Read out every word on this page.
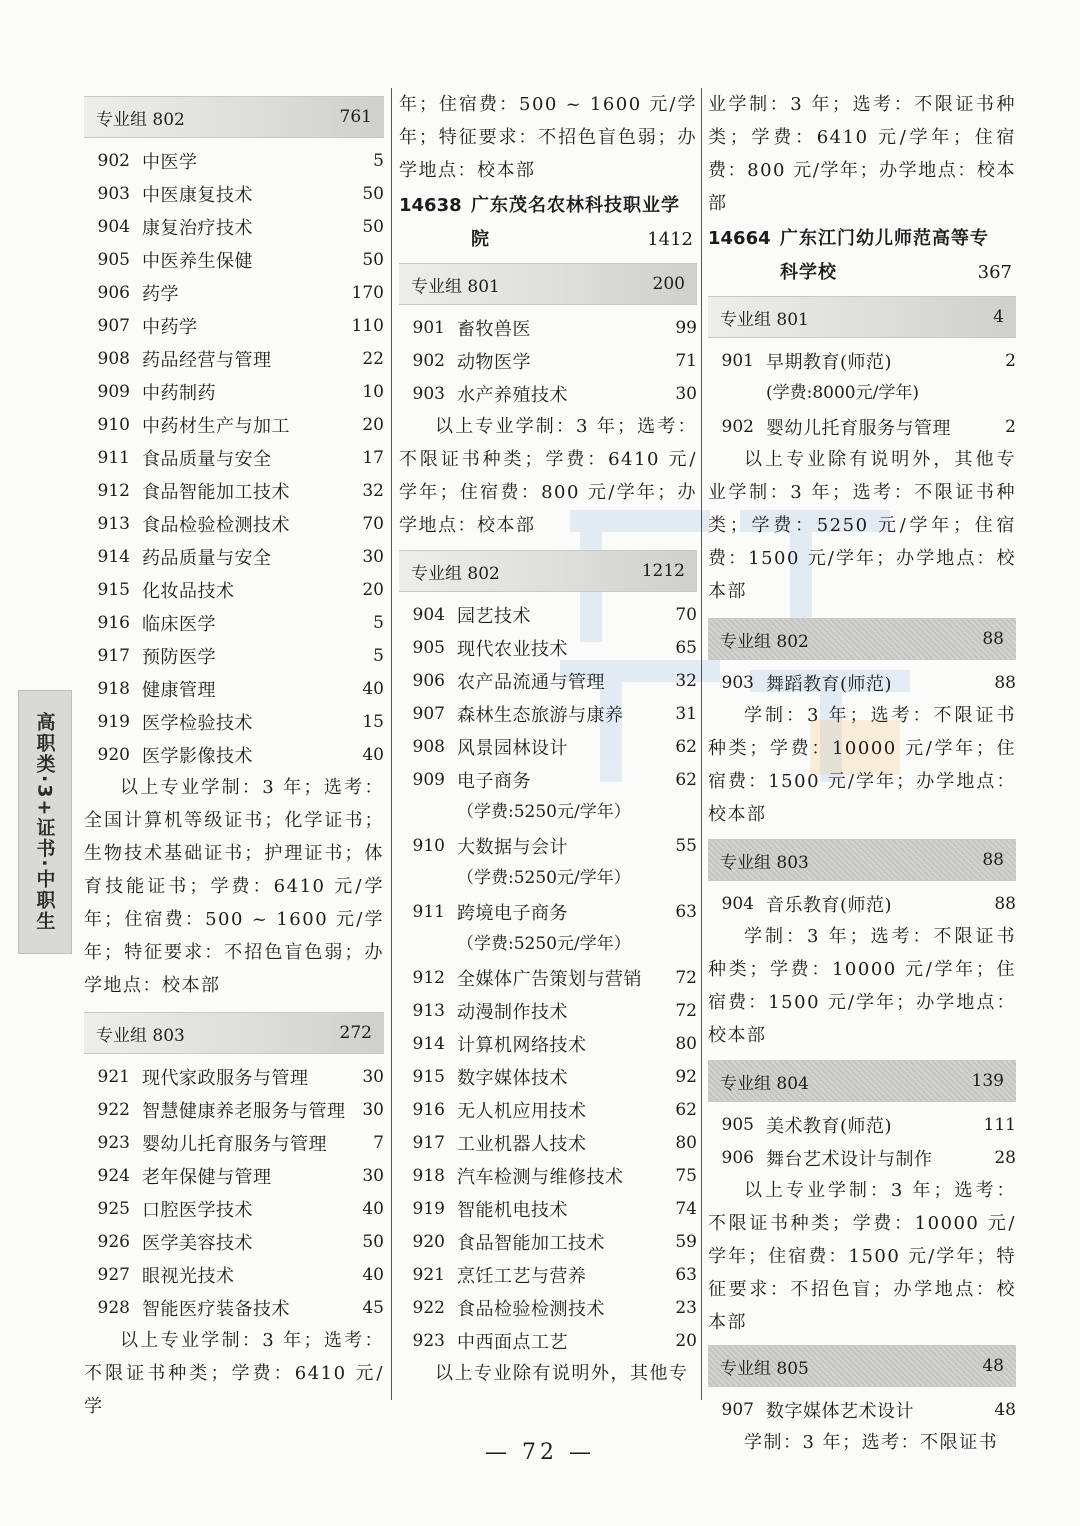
高职类·3+证书·中职生
专业组 802	761
902 中医学	5
903 中医康复技术	50
904 康复治疗技术	50
905 中医养生保健	50
906 药学	170
907 中药学	110
908 药品经营与管理	22
909 中药制药	10
910 中药材生产与加工	20
911 食品质量与安全	17
912 食品智能加工技术	32
913 食品检验检测技术	70
914 药品质量与安全	30
915 化妆品技术	20
916 临床医学	5
917 预防医学	5
918 健康管理	40
919 医学检验技术	15
920 医学影像技术	40

以上专业学制：3 年；选考：全国计算机等级证书；化学证书；生物技术基础证书；护理证书；体育技能证书；学费：6410 元/学年；住宿费：500 ~ 1600 元/学年；特征要求：不招色盲色弱；办学地点：校本部

专业组 803	272
921 现代家政服务与管理	30
922 智慧健康养老服务与管理 30
923 婴幼儿托育服务与管理	7
924 老年保健与管理	30
925 口腔医学技术	40
926 医学美容技术	50
927 眼视光技术	40
928 智能医疗装备技术	45

以上专业学制：3 年；选考：不限证书种类；学费：6410 元/学

年；住宿费：500 ~ 1600 元/学年；特征要求：不招色盲色弱；办学地点：校本部

14638 广东茂名农林科技职业学
院	1412
专业组 801	200
901 畜牧兽医	99
902 动物医学	71
903 水产养殖技术	30

以上专业学制：3 年；选考：不限证书种类；学费：6410 元/学年；住宿费：800 元/学年；办学地点：校本部

专业组 802	1212
904 园艺技术	70
905 现代农业技术	65
906 农产品流通与管理	32
907 森林生态旅游与康养	31
908 风景园林设计	62
909 电子商务	62
（学费:5250元/学年）
910 大数据与会计	55
（学费:5250元/学年）
911 跨境电子商务	63
（学费:5250元/学年）
912 全媒体广告策划与营销	72
913 动漫制作技术	72
914 计算机网络技术	80
915 数字媒体技术	92
916 无人机应用技术	62
917 工业机器人技术	80
918 汽车检测与维修技术	75
919 智能机电技术	74
920 食品智能加工技术	59
921 烹饪工艺与营养	63
922 食品检验检测技术	23
923 中西面点工艺	20

以上专业除有说明外，其他专

业学制：3 年；选考：不限证书种类；学费：6410 元/学年；住宿费：800 元/学年；办学地点：校本部

14664 广东江门幼儿师范高等专
科学校	367
专业组 801	4
901 早期教育(师范)	2
(学费:8000元/学年)
902 婴幼儿托育服务与管理	2

以上专业除有说明外，其他专业学制：3 年；选考：不限证书种类；学费：5250 元/学年；住宿费：1500 元/学年；办学地点：校本部

专业组 802	88
903 舞蹈教育(师范)	88

学制：3 年；选考：不限证书种类；学费：10000 元/学年；住宿费：1500 元/学年；办学地点：校本部

专业组 803	88
904 音乐教育(师范)	88

学制：3 年；选考：不限证书种类；学费：10000 元/学年；住宿费：1500 元/学年；办学地点：校本部

专业组 804	139
905 美术教育(师范)	111
906 舞台艺术设计与制作	28

以上专业学制：3 年；选考：不限证书种类；学费：10000 元/学年；住宿费：1500 元/学年；特征要求：不招色盲；办学地点：校本部

专业组 805	48
907 数字媒体艺术设计	48

学制：3 年；选考：不限证书

— 72 —
